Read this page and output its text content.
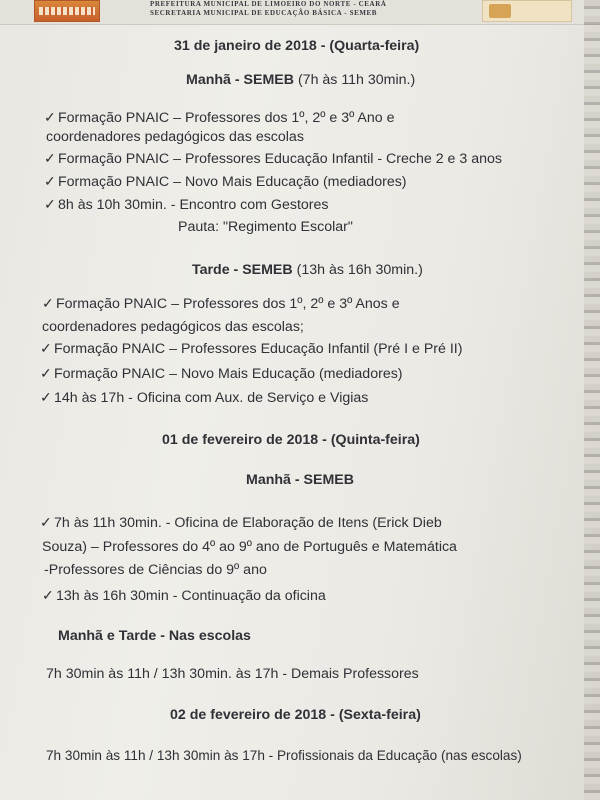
PREFEITURA MUNICIPAL DE LIMOEIRO DO NORTE - CEARÁ
SECRETARIA MUNICIPAL DE EDUCAÇÃO BÁSICA - SEMEB
31 de janeiro de 2018 - (Quarta-feira)
Manhã - SEMEB (7h às 11h 30min.)
✓ Formação PNAIC – Professores dos 1º, 2º e 3º Ano e
coordenadores pedagógicos das escolas
✓ Formação PNAIC – Professores Educação Infantil - Creche 2 e 3 anos
✓ Formação PNAIC – Novo Mais Educação (mediadores)
✓ 8h às 10h 30min. - Encontro com Gestores
Pauta: "Regimento Escolar"
Tarde - SEMEB (13h às 16h 30min.)
✓ Formação PNAIC – Professores dos 1º, 2º e 3º Anos e
coordenadores pedagógicos das escolas;
✓ Formação PNAIC – Professores Educação Infantil (Pré I e Pré II)
✓ Formação PNAIC – Novo Mais Educação (mediadores)
✓ 14h às 17h - Oficina com Aux. de Serviço e Vigias
01 de fevereiro de 2018 - (Quinta-feira)
Manhã - SEMEB
✓ 7h às 11h 30min. - Oficina de Elaboração de Itens (Erick Dieb
Souza) – Professores do 4º ao 9º ano de Português e Matemática
-Professores de Ciências do 9º ano
✓ 13h às 16h 30min - Continuação da oficina
Manhã e Tarde - Nas escolas
7h 30min às 11h / 13h 30min. às 17h - Demais Professores
02 de fevereiro de 2018 - (Sexta-feira)
7h 30min às 11h / 13h 30min às 17h - Profissionais da Educação (nas escolas)
